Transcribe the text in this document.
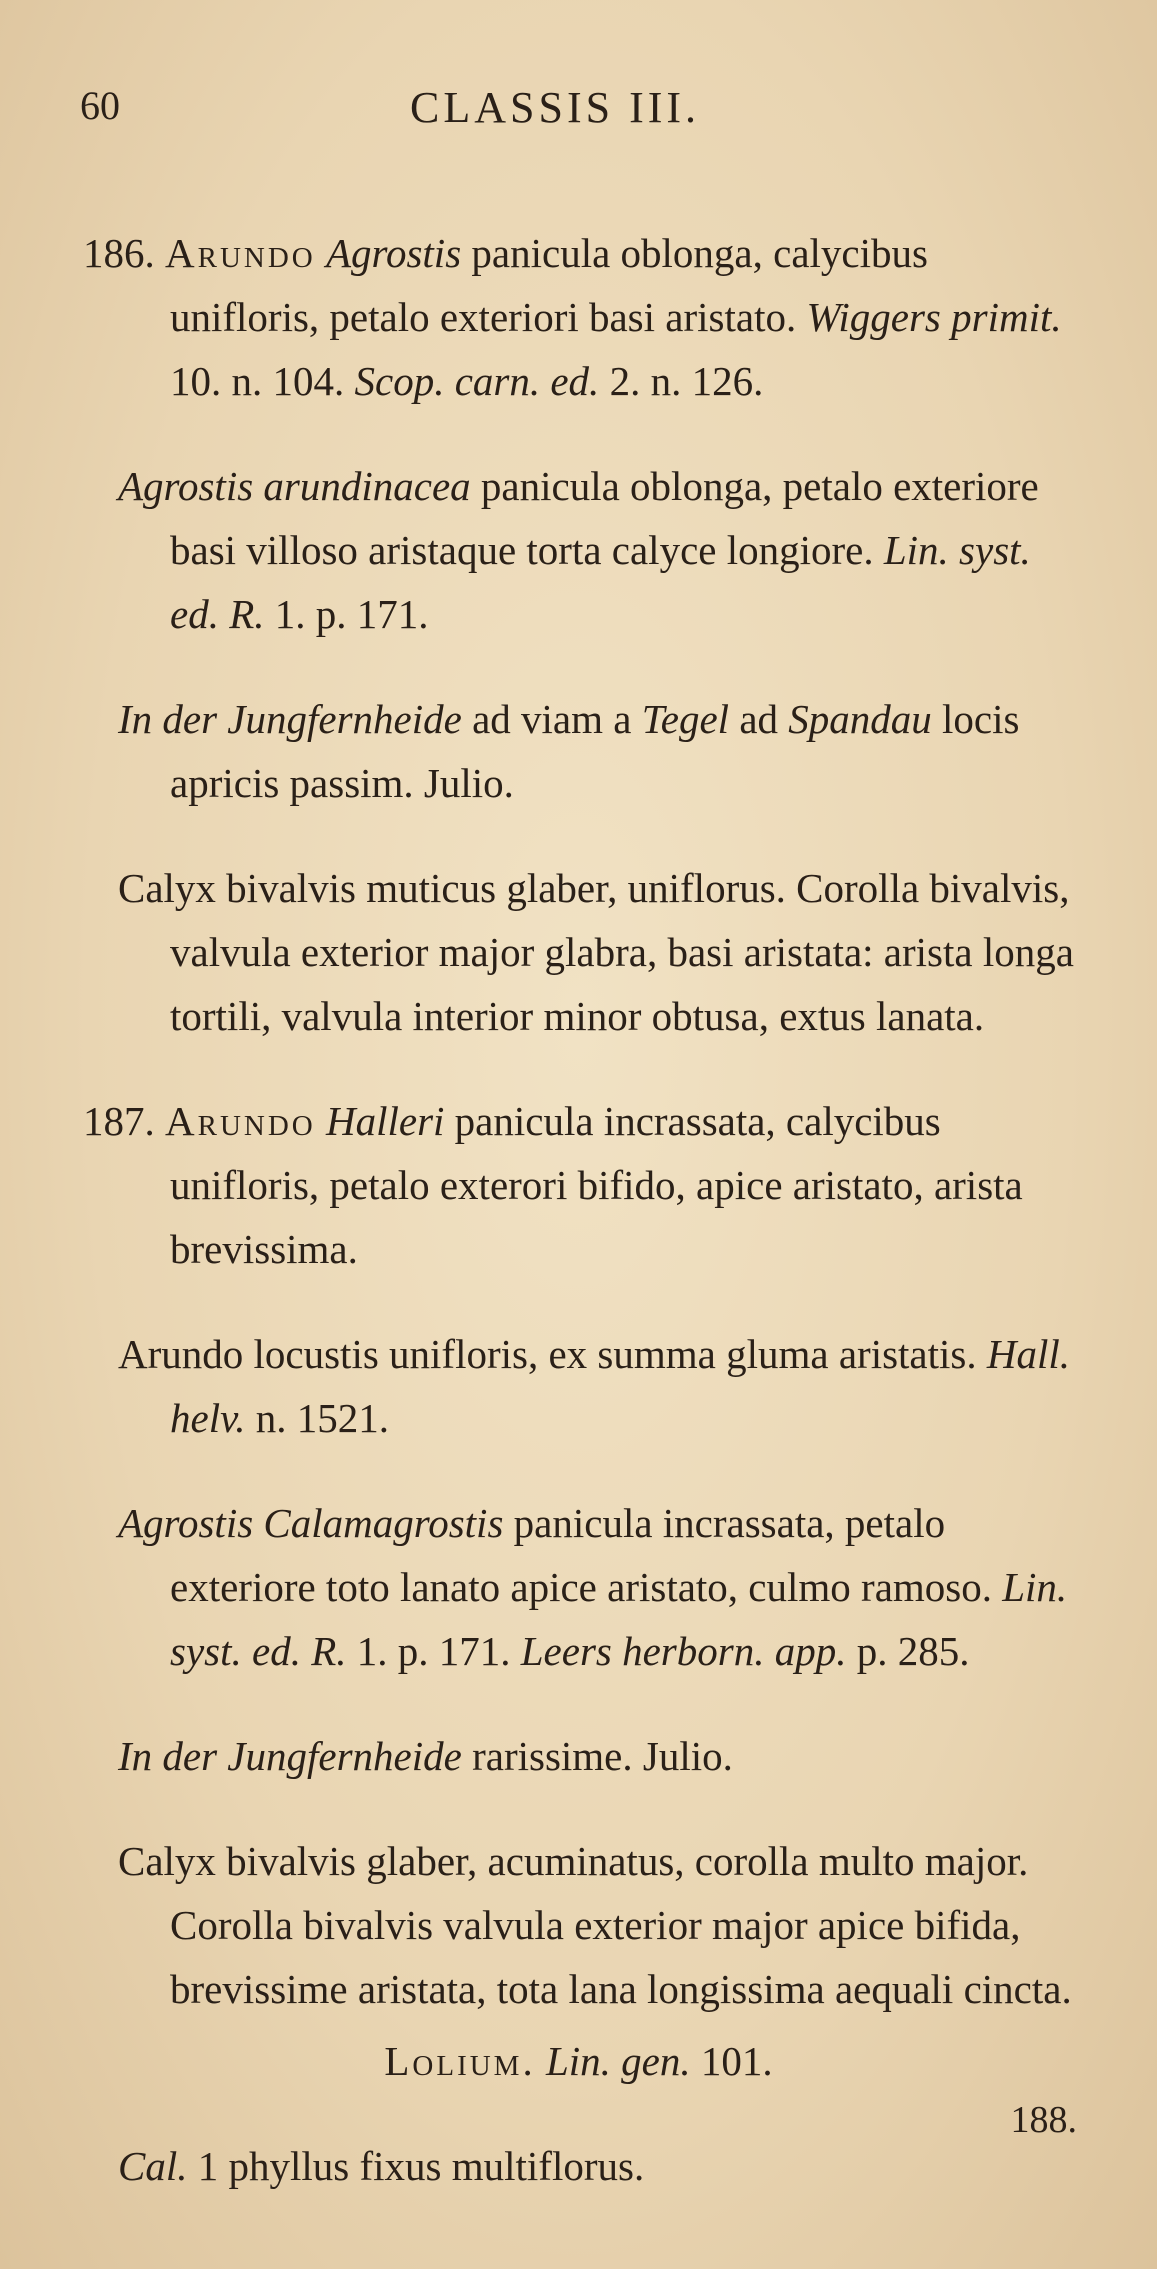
60	CLASSIS III.

186. Arundo Agrostis panicula oblonga, calycibus unifloris, petalo exteriori basi aristato. Wiggers primit. 10. n. 104. Scop. carn. ed. 2. n. 126.

Agrostis arundinacea panicula oblonga, petalo exteriore basi villoso aristaque torta calyce longiore. Lin. syst. ed. R. 1. p. 171.

In der Jungfernheide ad viam a Tegel ad Spandau locis apricis passim. Julio.

Calyx bivalvis muticus glaber, uniflorus. Corolla bivalvis, valvula exterior major glabra, basi aristata: arista longa tortili, valvula interior minor obtusa, extus lanata.

187. Arundo Halleri panicula incrassata, calycibus unifloris, petalo exterori bifido, apice aristato, arista brevissima.

Arundo locustis unifloris, ex summa gluma aristatis. Hall. helv. n. 1521.

Agrostis Calamagrostis panicula incrassata, petalo exteriore toto lanato apice aristato, culmo ramoso. Lin. syst. ed. R. 1. p. 171. Leers herborn. app. p. 285.

In der Jungfernheide rarissime. Julio.

Calyx bivalvis glaber, acuminatus, corolla multo major. Corolla bivalvis valvula exterior major apice bifida, brevissime aristata, tota lana longissima aequali cincta.

Lolium. Lin. gen. 101.

Cal. 1 phyllus fixus multiflorus.

188.
